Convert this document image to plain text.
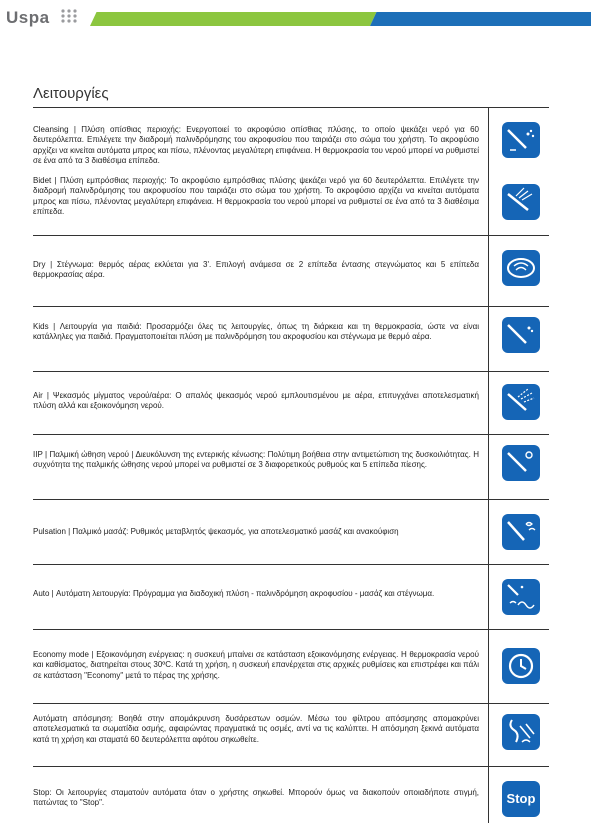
Uspa
Λειτουργίες
Cleansing | Πλύση οπίσθιας περιοχής: Ενεργοποιεί το ακροφύσιο οπίσθιας πλύσης, το οποίο ψεκάζει νερό για 60 δευτερόλεπτα. Επιλέγετε την διαδρομή παλινδρόμησης του ακροφυσίου που ταιριάζει στο σώμα του χρήστη. Το ακροφύσιο αρχίζει να κινείται αυτόματα μπρος και πίσω, πλένοντας μεγαλύτερη επιφάνεια. Η θερμοκρασία του νερού μπορεί να ρυθμιστεί σε ένα από τα 3 διαθέσιμα επίπεδα.
Bidet | Πλύση εμπρόσθιας περιοχής: Το ακροφύσιο εμπρόσθιας πλύσης ψεκάζει νερό για 60 δευτερόλεπτα. Επιλέγετε την διαδρομή παλινδρόμησης του ακροφυσίου που ταιριάζει στο σώμα του χρήστη. Το ακροφύσιο αρχίζει να κινείται αυτόματα μπρος και πίσω, πλένοντας μεγαλύτερη επιφάνεια. Η θερμοκρασία του νερού μπορεί να ρυθμιστεί σε ένα από τα 3 διαθέσιμα επίπεδα.
Dry | Στέγνωμα: θερμός αέρας εκλύεται για 3'. Επιλογή ανάμεσα σε 2 επίπεδα έντασης στεγνώματος και 5 επίπεδα θερμοκρασίας αέρα.
Kids | Λειτουργία για παιδιά: Προσαρμόζει όλες τις λειτουργίες, όπως τη διάρκεια και τη θερμοκρασία, ώστε να είναι κατάλληλες για παιδιά. Πραγματοποιείται πλύση με παλινδρόμηση του ακροφυσίου και στέγνωμα με θερμό αέρα.
Air | Ψεκασμός μίγματος νερού/αέρα: Ο απαλός ψεκασμός νερού εμπλουτισμένου με αέρα, επιτυγχάνει αποτελεσματική πλύση αλλά και εξοικονόμηση νερού.
IIP | Παλμική ώθηση νερού | Διευκόλυνση της εντερικής κένωσης: Πολύτιμη βοήθεια στην αντιμετώπιση της δυσκοιλιότητας. Η συχνότητα της παλμικής ώθησης νερού μπορεί να ρυθμιστεί σε 3 διαφορετικούς ρυθμούς και 5 επίπεδα πίεσης.
Pulsation | Παλμικό μασάζ: Ρυθμικός μεταβλητός ψεκασμός, για αποτελεσματικό μασάζ και ανακούφιση
Auto | Αυτόματη λειτουργία: Πρόγραμμα για διαδοχική πλύση - παλινδρόμηση ακροφυσίου - μασάζ και στέγνωμα.
Economy mode | Εξοικονόμηση ενέργειας: η συσκευή μπαίνει σε κατάσταση εξοικονόμησης ενέργειας. Η θερμοκρασία νερού και καθίσματος, διατηρείται στους 30ºC. Κατά τη χρήση, η συσκευή επανέρχεται στις αρχικές ρυθμίσεις και επιστρέφει και πάλι σε κατάσταση "Economy" μετά το πέρας της χρήσης.
Αυτόματη απόσμηση: Βοηθά στην απομάκρυνση δυσάρεστων οσμών. Μέσω του φίλτρου απόσμησης απομακρύνει αποτελεσματικά τα σωματίδια οσμής, αφαιρώντας πραγματικά τις οσμές, αντί να τις καλύπτει. Η απόσμηση ξεκινά αυτόματα κατά τη χρήση και σταματά 60 δευτερόλεπτα αφότου σηκωθείτε.
Stop: Οι λειτουργίες σταματούν αυτόματα όταν ο χρήστης σηκωθεί. Μπορούν όμως να διακοπούν οποιαδήποτε στιγμή, πατώντας το "Stop".	Stop
